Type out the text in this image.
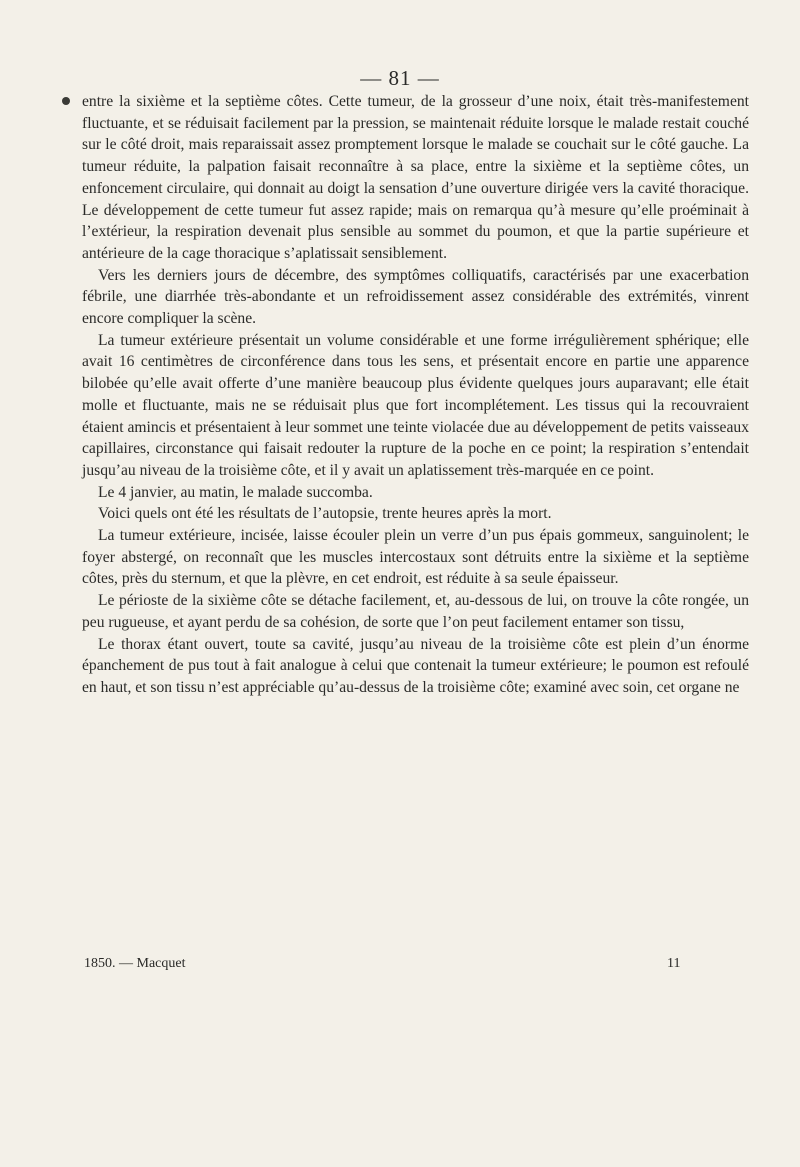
— 81 —

entre la sixième et la septième côtes. Cette tumeur, de la grosseur d’une noix, était très-manifestement fluctuante, et se réduisait facilement par la pression, se maintenait réduite lorsque le malade restait couché sur le côté droit, mais reparaissait assez promptement lorsque le malade se couchait sur le côté gauche. La tumeur réduite, la palpation faisait reconnaître à sa place, entre la sixième et la septième côtes, un enfoncement circulaire, qui donnait au doigt la sensation d’une ouverture dirigée vers la cavité thoracique. Le développement de cette tumeur fut assez rapide; mais on remarqua qu’à mesure qu’elle proéminait à l’extérieur, la respiration devenait plus sensible au sommet du poumon, et que la partie supérieure et antérieure de la cage thoracique s’aplatissait sensiblement.

Vers les derniers jours de décembre, des symptômes colliquatifs, caractérisés par une exacerbation fébrile, une diarrhée très-abondante et un refroidissement assez considérable des extrémités, vinrent encore compliquer la scène.

La tumeur extérieure présentait un volume considérable et une forme irrégulièrement sphérique; elle avait 16 centimètres de circonférence dans tous les sens, et présentait encore en partie une apparence bilobée qu’elle avait offerte d’une manière beaucoup plus évidente quelques jours auparavant; elle était molle et fluctuante, mais ne se réduisait plus que fort incomplétement. Les tissus qui la recouvraient étaient amincis et présentaient à leur sommet une teinte violacée due au développement de petits vaisseaux capillaires, circonstance qui faisait redouter la rupture de la poche en ce point; la respiration s’entendait jusqu’au niveau de la troisième côte, et il y avait un aplatissement très-marquée en ce point.

Le 4 janvier, au matin, le malade succomba.

Voici quels ont été les résultats de l’autopsie, trente heures après la mort.

La tumeur extérieure, incisée, laisse écouler plein un verre d’un pus épais gommeux, sanguinolent; le foyer abstergé, on reconnaît que les muscles intercostaux sont détruits entre la sixième et la septième côtes, près du sternum, et que la plèvre, en cet endroit, est réduite à sa seule épaisseur.

Le périoste de la sixième côte se détache facilement, et, au-dessous de lui, on trouve la côte rongée, un peu rugueuse, et ayant perdu de sa cohésion, de sorte que l’on peut facilement entamer son tissu,

Le thorax étant ouvert, toute sa cavité, jusqu’au niveau de la troisième côte est plein d’un énorme épanchement de pus tout à fait analogue à celui que contenait la tumeur extérieure; le poumon est refoulé en haut, et son tissu n’est appréciable qu’au-dessus de la troisième côte; examiné avec soin, cet organe ne

1850. — Macquet	11
